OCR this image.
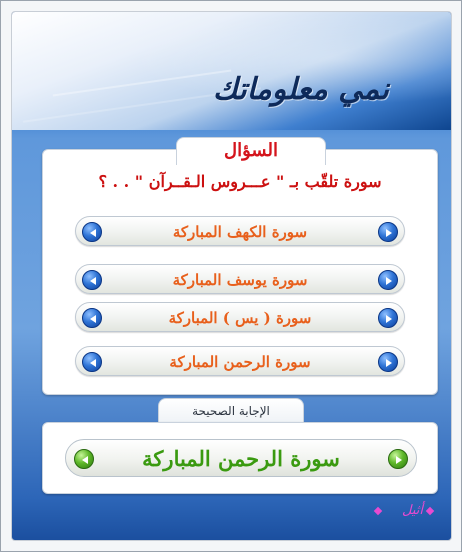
نمي معلوماتك
السؤال
سورة تلقّب بـ " عـــروس الـقــرآن " . . ؟
سورة الكهف المباركة
سورة يوسف المباركة
سورة ( يس ) المباركة
سورة الرحمن المباركة
الإجابة الصحيحة
سورة الرحمن المباركة
أثيل
